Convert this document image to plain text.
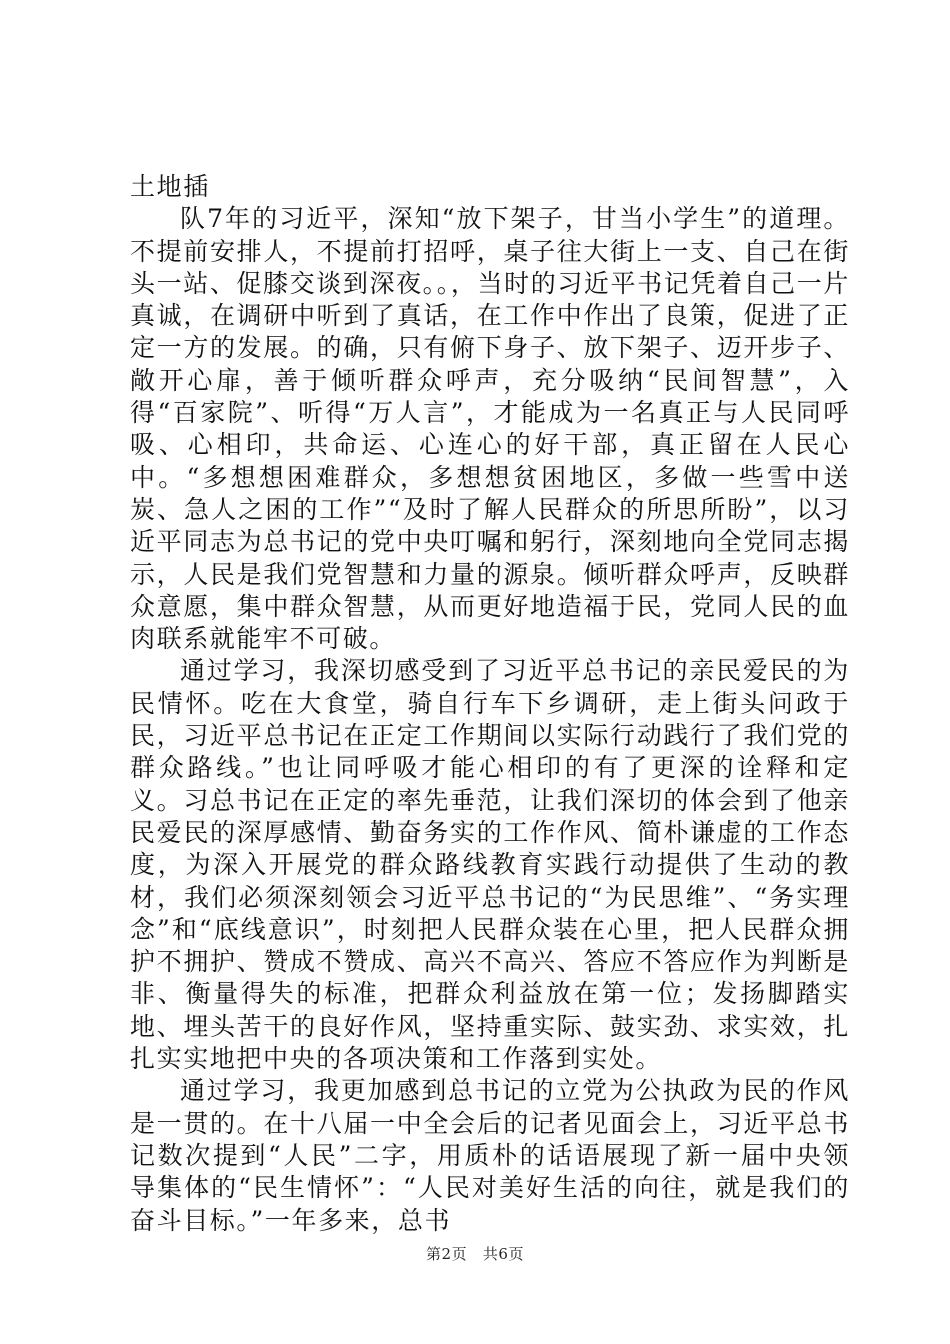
土地插

队7年的习近平，深知“放下架子，甘当小学生”的道理。不提前安排人，不提前打招呼，桌子往大街上一支、自己在街头一站、促膝交谈到深夜。。，当时的习近平书记凭着自己一片真诚，在调研中听到了真话，在工作中作出了良策，促进了正定一方的发展。的确，只有俯下身子、放下架子、迈开步子、敞开心扉，善于倾听群众呼声，充分吸纳“民间智慧”，入得“百家院”、听得“万人言”，才能成为一名真正与人民同呼吸、心相印，共命运、心连心的好干部，真正留在人民心中。“多想想困难群众，多想想贫困地区，多做一些雪中送炭、急人之困的工作”“及时了解人民群众的所思所盼”，以习近平同志为总书记的党中央叮嘱和躬行，深刻地向全党同志揭示，人民是我们党智慧和力量的源泉。倾听群众呼声，反映群众意愿，集中群众智慧，从而更好地造福于民，党同人民的血肉联系就能牢不可破。

通过学习，我深切感受到了习近平总书记的亲民爱民的为民情怀。吃在大食堂，骑自行车下乡调研，走上街头问政于民，习近平总书记在正定工作期间以实际行动践行了我们党的群众路线。”也让同呼吸才能心相印的有了更深的诠释和定义。习总书记在正定的率先垂范，让我们深切的体会到了他亲民爱民的深厚感情、勤奋务实的工作作风、简朴谦虚的工作态度，为深入开展党的群众路线教育实践行动提供了生动的教材，我们必须深刻领会习近平总书记的“为民思维”、“务实理念”和“底线意识”，时刻把人民群众装在心里，把人民群众拥护不拥护、赞成不赞成、高兴不高兴、答应不答应作为判断是非、衡量得失的标准，把群众利益放在第一位；发扬脚踏实地、埋头苦干的良好作风，坚持重实际、鼓实劲、求实效，扎扎实实地把中央的各项决策和工作落到实处。

通过学习，我更加感到总书记的立党为公执政为民的作风是一贯的。在十八届一中全会后的记者见面会上，习近平总书记数次提到“人民”二字，用质朴的话语展现了新一届中央领导集体的“民生情怀”：“人民对美好生活的向往，就是我们的奋斗目标。”一年多来，总书

第2页 共6页
